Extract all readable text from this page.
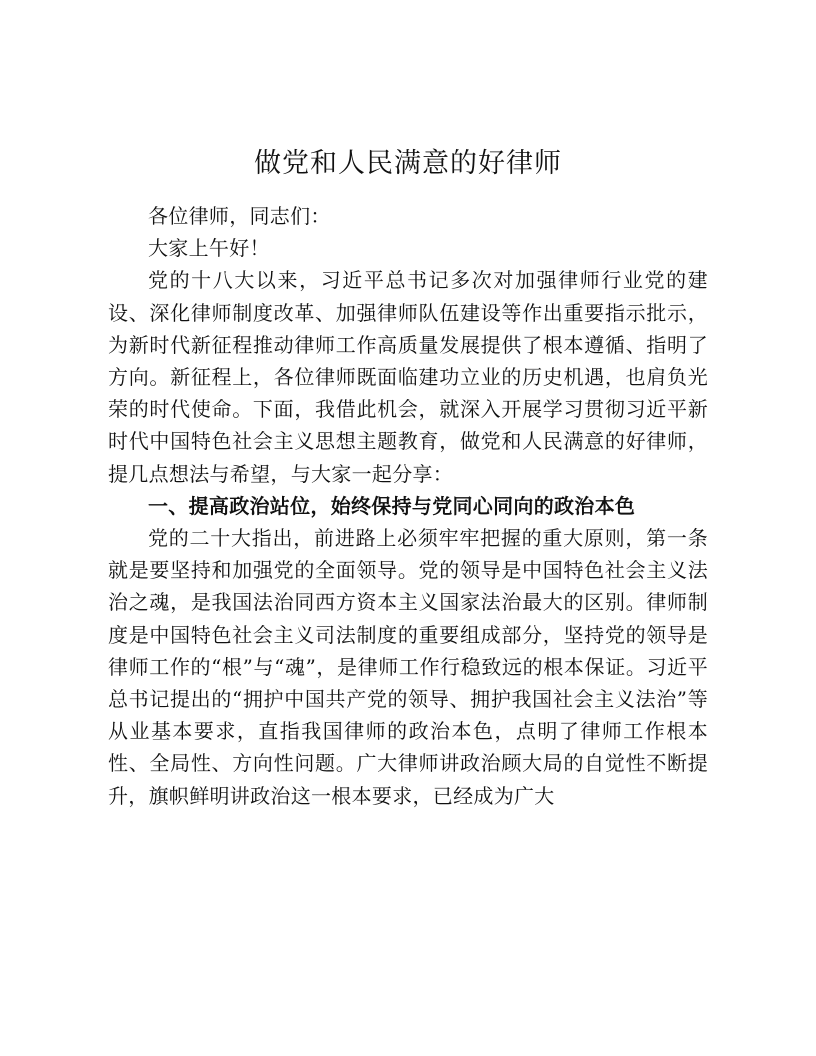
做党和人民满意的好律师

各位律师，同志们：

大家上午好！

党的十八大以来，习近平总书记多次对加强律师行业党的建设、深化律师制度改革、加强律师队伍建设等作出重要指示批示，为新时代新征程推动律师工作高质量发展提供了根本遵循、指明了方向。新征程上，各位律师既面临建功立业的历史机遇，也肩负光荣的时代使命。下面，我借此机会，就深入开展学习贯彻习近平新时代中国特色社会主义思想主题教育，做党和人民满意的好律师，提几点想法与希望，与大家一起分享：

一、提高政治站位，始终保持与党同心同向的政治本色

党的二十大指出，前进路上必须牢牢把握的重大原则，第一条就是要坚持和加强党的全面领导。党的领导是中国特色社会主义法治之魂，是我国法治同西方资本主义国家法治最大的区别。律师制度是中国特色社会主义司法制度的重要组成部分，坚持党的领导是律师工作的“根”与“魂”，是律师工作行稳致远的根本保证。习近平总书记提出的“拥护中国共产党的领导、拥护我国社会主义法治”等从业基本要求，直指我国律师的政治本色，点明了律师工作根本性、全局性、方向性问题。广大律师讲政治顾大局的自觉性不断提升，旗帜鲜明讲政治这一根本要求，已经成为广大
